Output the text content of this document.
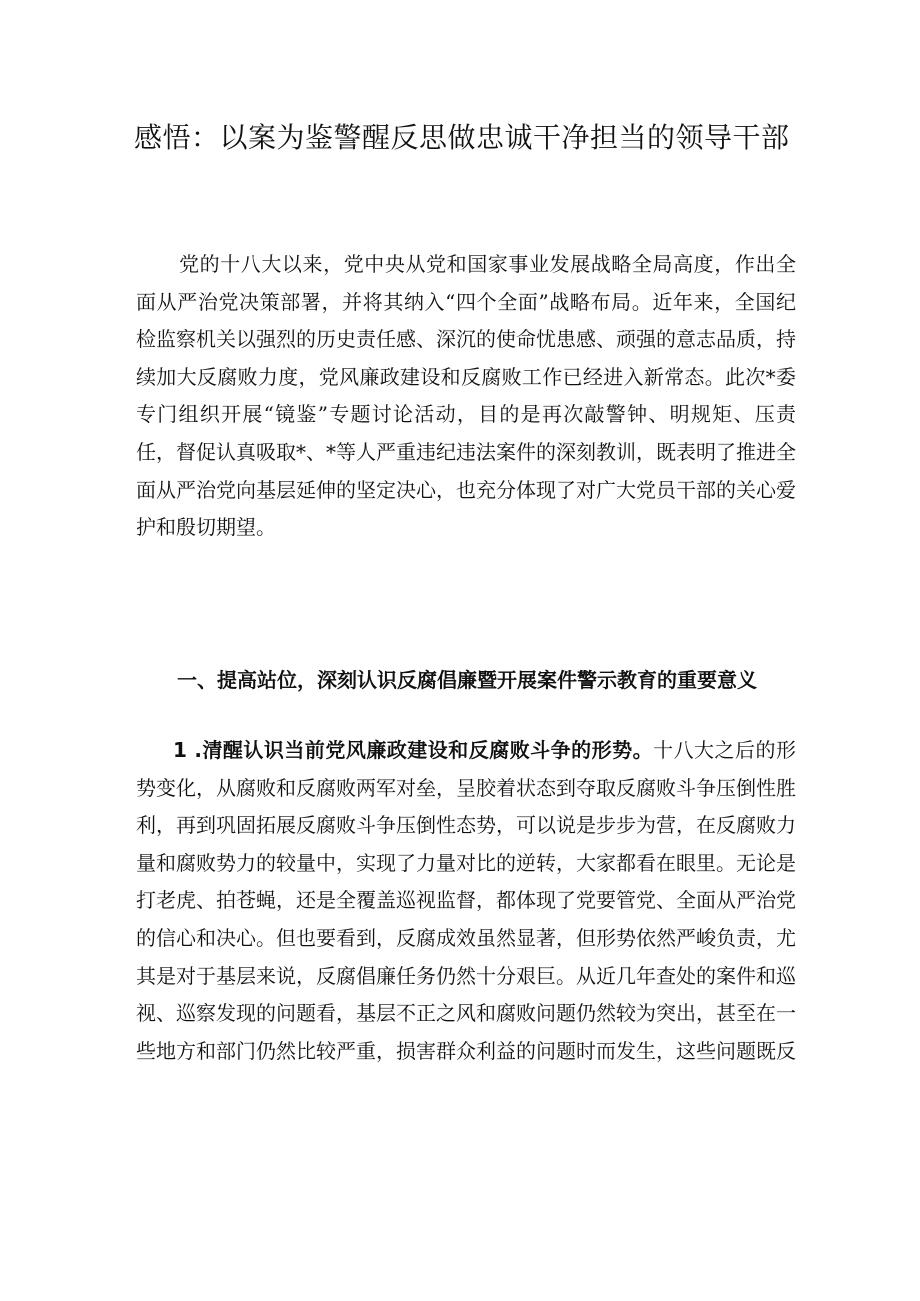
感悟：以案为鉴警醒反思做忠诚干净担当的领导干部

党的十八大以来，党中央从党和国家事业发展战略全局高度，作出全面从严治党决策部署，并将其纳入“四个全面”战略布局。近年来，全国纪检监察机关以强烈的历史责任感、深沉的使命忧患感、顽强的意志品质，持续加大反腐败力度，党风廉政建设和反腐败工作已经进入新常态。此次*委专门组织开展“镜鉴”专题讨论活动，目的是再次敲警钟、明规矩、压责任，督促认真吸取*、*等人严重违纪违法案件的深刻教训，既表明了推进全面从严治党向基层延伸的坚定决心，也充分体现了对广大党员干部的关心爱护和殷切期望。

一、提高站位，深刻认识反腐倡廉暨开展案件警示教育的重要意义

1 .清醒认识当前党风廉政建设和反腐败斗争的形势。十八大之后的形势变化，从腐败和反腐败两军对垒，呈胶着状态到夺取反腐败斗争压倒性胜利，再到巩固拓展反腐败斗争压倒性态势，可以说是步步为营，在反腐败力量和腐败势力的较量中，实现了力量对比的逆转，大家都看在眼里。无论是打老虎、拍苍蝇，还是全覆盖巡视监督，都体现了党要管党、全面从严治党的信心和决心。但也要看到，反腐成效虽然显著，但形势依然严峻负责，尤其是对于基层来说，反腐倡廉任务仍然十分艰巨。从近几年查处的案件和巡视、巡察发现的问题看，基层不正之风和腐败问题仍然较为突出，甚至在一些地方和部门仍然比较严重，损害群众利益的问题时而发生，这些问题既反
